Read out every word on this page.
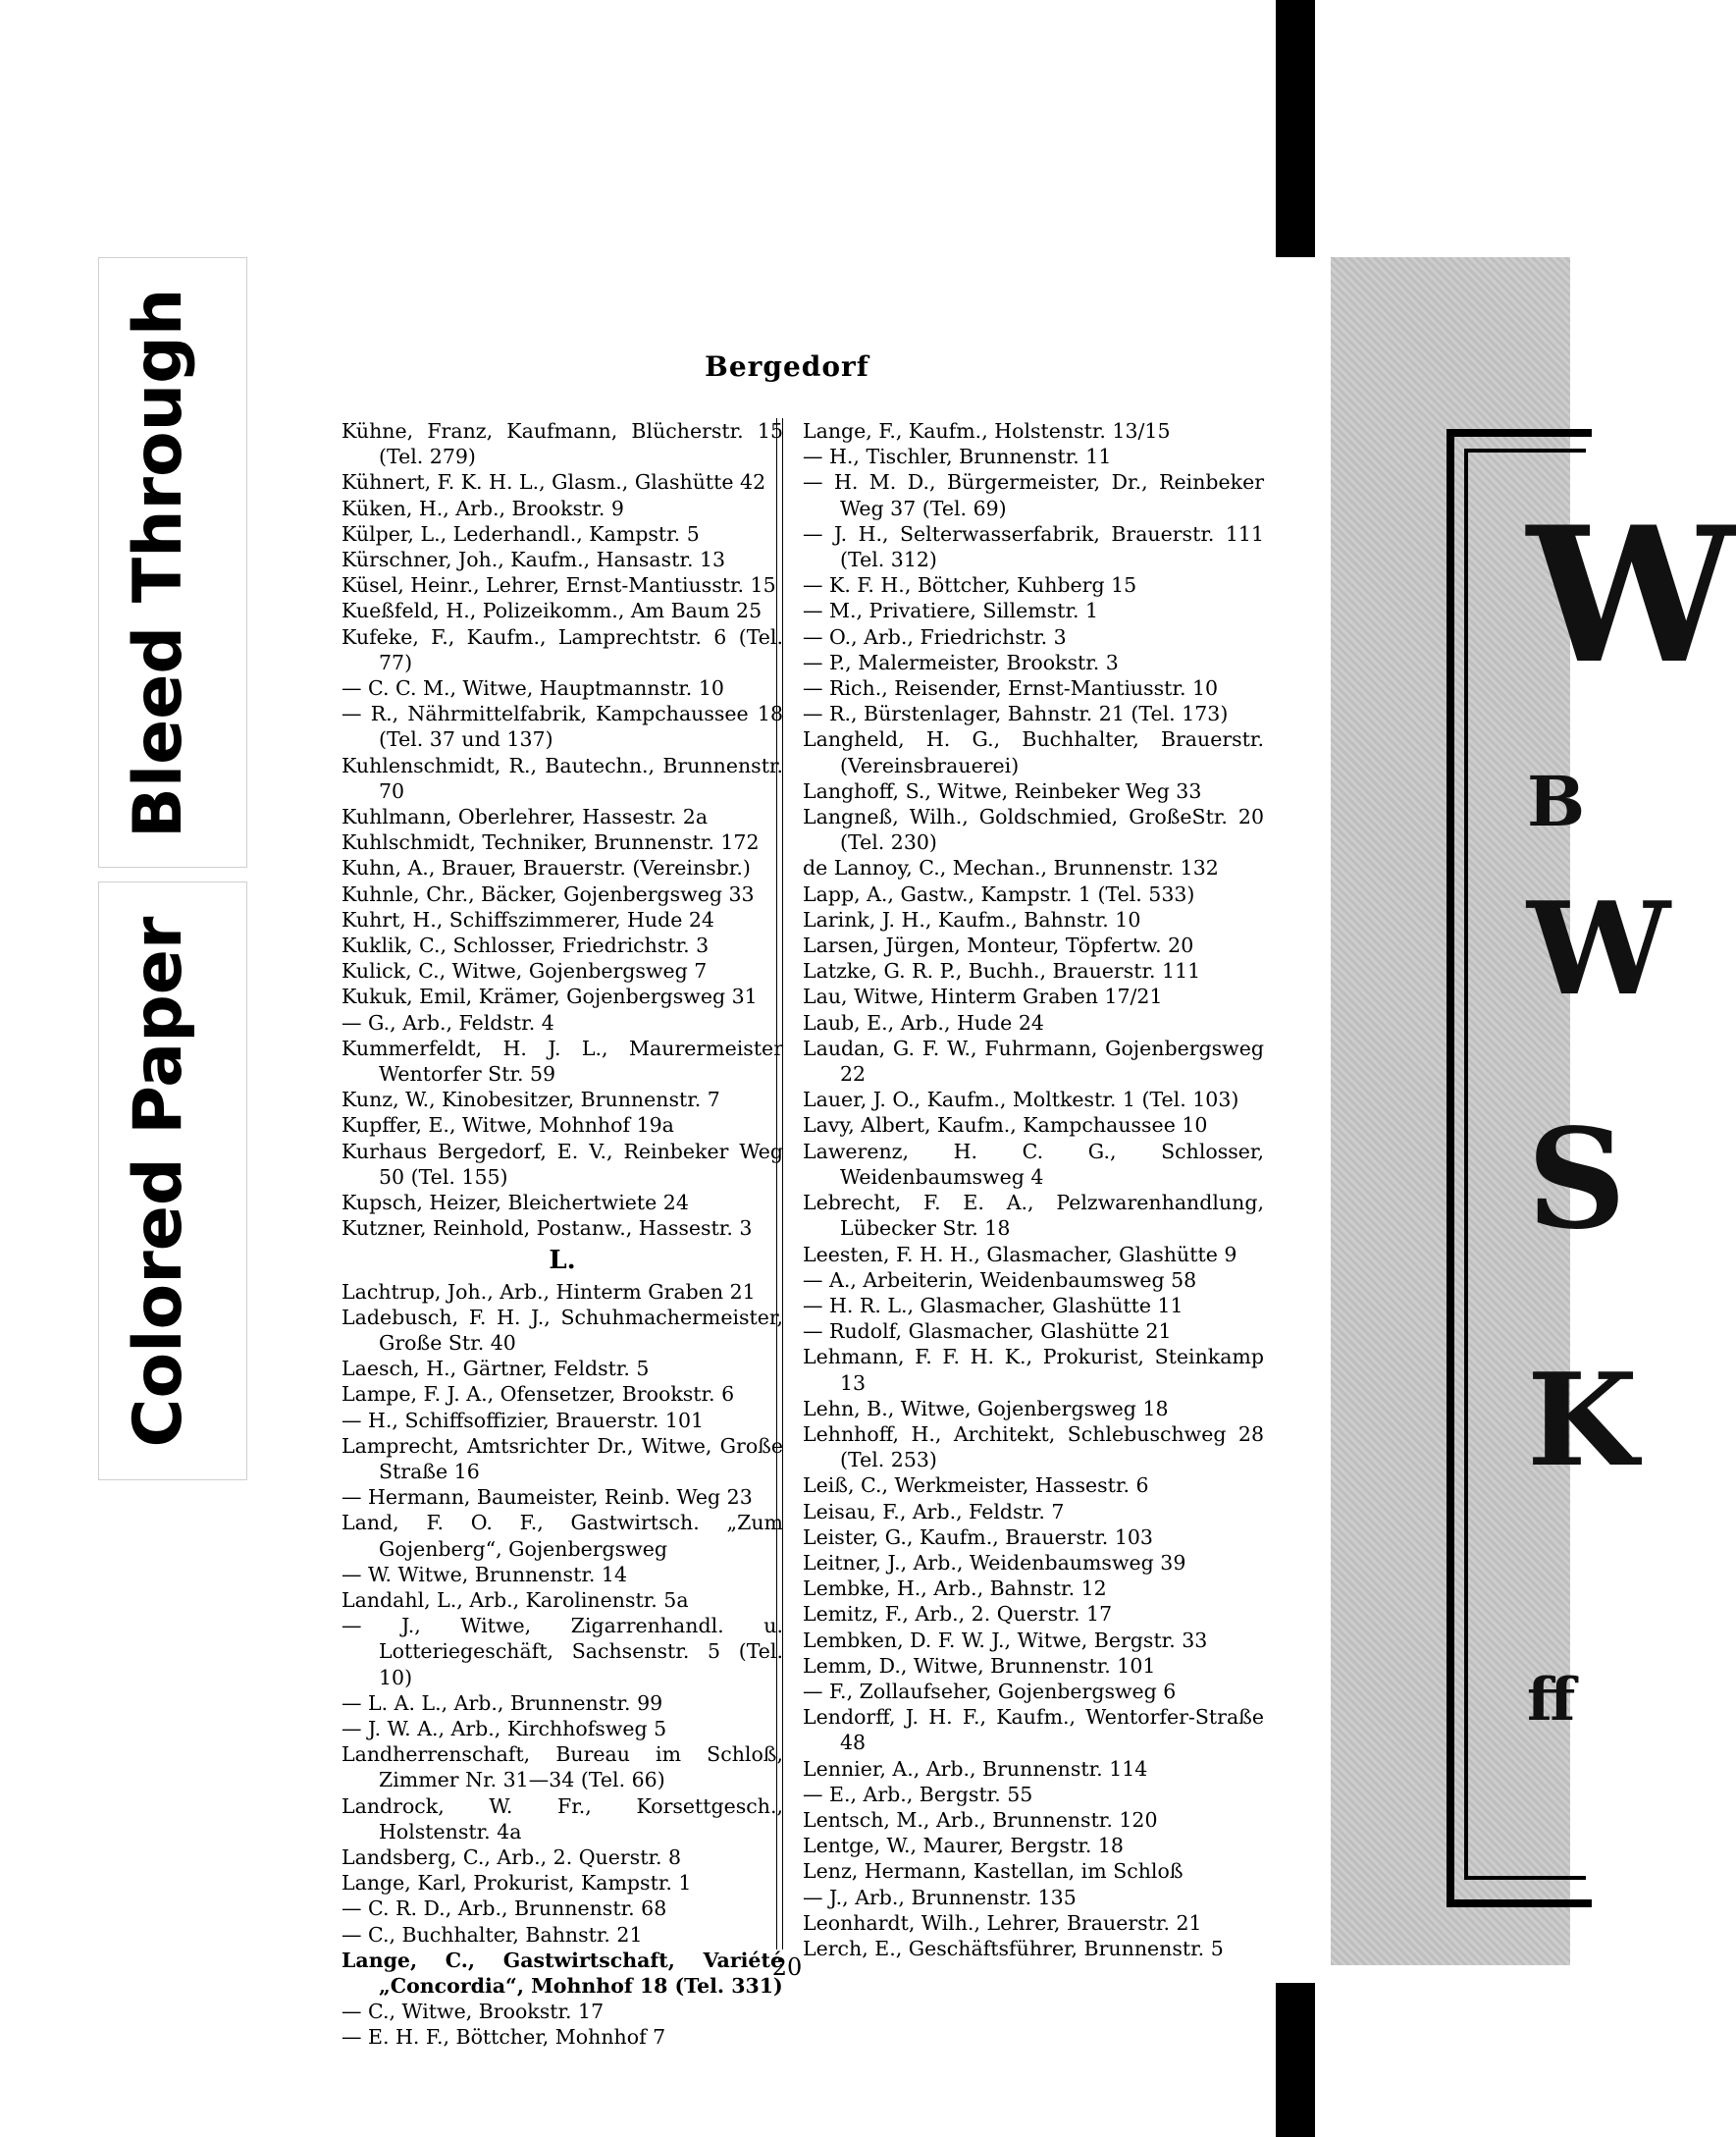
Bleed Through
Colored Paper
Bergedorf

Kühne, Franz, Kaufmann, Blücherstr. 15 (Tel. 279)

Kühnert, F. K. H. L., Glasm., Glashütte 42

Küken, H., Arb., Brookstr. 9

Külper, L., Lederhandl., Kampstr. 5

Kürschner, Joh., Kaufm., Hansastr. 13

Küsel, Heinr., Lehrer, Ernst-Mantiusstr. 15

Kueßfeld, H., Polizeikomm., Am Baum 25

Kufeke, F., Kaufm., Lamprechtstr. 6 (Tel. 77)

— C. C. M., Witwe, Hauptmannstr. 10

— R., Nährmittelfabrik, Kampchaussee 18 (Tel. 37 und 137)

Kuhlenschmidt, R., Bautechn., Brunnenstr. 70

Kuhlmann, Oberlehrer, Hassestr. 2a

Kuhlschmidt, Techniker, Brunnenstr. 172

Kuhn, A., Brauer, Brauerstr. (Vereinsbr.)

Kuhnle, Chr., Bäcker, Gojenbergsweg 33

Kuhrt, H., Schiffszimmerer, Hude 24

Kuklik, C., Schlosser, Friedrichstr. 3

Kulick, C., Witwe, Gojenbergsweg 7

Kukuk, Emil, Krämer, Gojenbergsweg 31

— G., Arb., Feldstr. 4

Kummerfeldt, H. J. L., Maurermeister Wentorfer Str. 59

Kunz, W., Kinobesitzer, Brunnenstr. 7

Kupffer, E., Witwe, Mohnhof 19a

Kurhaus Bergedorf, E. V., Reinbeker Weg 50 (Tel. 155)

Kupsch, Heizer, Bleichertwiete 24

Kutzner, Reinhold, Postanw., Hassestr. 3

L.

Lachtrup, Joh., Arb., Hinterm Graben 21

Ladebusch, F. H. J., Schuhmachermeister, Große Str. 40

Laesch, H., Gärtner, Feldstr. 5

Lampe, F. J. A., Ofensetzer, Brookstr. 6

— H., Schiffsoffizier, Brauerstr. 101

Lamprecht, Amtsrichter Dr., Witwe, Große Straße 16

— Hermann, Baumeister, Reinb. Weg 23

Land, F. O. F., Gastwirtsch. „Zum Gojenberg“, Gojenbergsweg

— W. Witwe, Brunnenstr. 14

Landahl, L., Arb., Karolinenstr. 5a

— J., Witwe, Zigarrenhandl. u. Lotteriegeschäft, Sachsenstr. 5 (Tel. 10)

— L. A. L., Arb., Brunnenstr. 99

— J. W. A., Arb., Kirchhofsweg 5

Landherrenschaft, Bureau im Schloß, Zimmer Nr. 31—34 (Tel. 66)

Landrock, W. Fr., Korsettgesch., Holstenstr. 4a

Landsberg, C., Arb., 2. Querstr. 8

Lange, Karl, Prokurist, Kampstr. 1

— C. R. D., Arb., Brunnenstr. 68

— C., Buchhalter, Bahnstr. 21

Lange, C., Gastwirtschaft, Variété „Concordia“, Mohnhof 18 (Tel. 331)

— C., Witwe, Brookstr. 17

— E. H. F., Böttcher, Mohnhof 7

Lange, F., Kaufm., Holstenstr. 13/15

— H., Tischler, Brunnenstr. 11

— H. M. D., Bürgermeister, Dr., Reinbeker Weg 37 (Tel. 69)

— J. H., Selterwasserfabrik, Brauerstr. 111 (Tel. 312)

— K. F. H., Böttcher, Kuhberg 15

— M., Privatiere, Sillemstr. 1

— O., Arb., Friedrichstr. 3

— P., Malermeister, Brookstr. 3

— Rich., Reisender, Ernst-Mantiusstr. 10

— R., Bürstenlager, Bahnstr. 21 (Tel. 173)

Langheld, H. G., Buchhalter, Brauerstr. (Vereinsbrauerei)

Langhoff, S., Witwe, Reinbeker Weg 33

Langneß, Wilh., Goldschmied, GroßeStr. 20 (Tel. 230)

de Lannoy, C., Mechan., Brunnenstr. 132

Lapp, A., Gastw., Kampstr. 1 (Tel. 533)

Larink, J. H., Kaufm., Bahnstr. 10

Larsen, Jürgen, Monteur, Töpfertw. 20

Latzke, G. R. P., Buchh., Brauerstr. 111

Lau, Witwe, Hinterm Graben 17/21

Laub, E., Arb., Hude 24

Laudan, G. F. W., Fuhrmann, Gojenbergsweg 22

Lauer, J. O., Kaufm., Moltkestr. 1 (Tel. 103)

Lavy, Albert, Kaufm., Kampchaussee 10

Lawerenz, H. C. G., Schlosser, Weidenbaumsweg 4

Lebrecht, F. E. A., Pelzwarenhandlung, Lübecker Str. 18

Leesten, F. H. H., Glasmacher, Glashütte 9

— A., Arbeiterin, Weidenbaumsweg 58

— H. R. L., Glasmacher, Glashütte 11

— Rudolf, Glasmacher, Glashütte 21

Lehmann, F. F. H. K., Prokurist, Steinkamp 13

Lehn, B., Witwe, Gojenbergsweg 18

Lehnhoff, H., Architekt, Schlebuschweg 28 (Tel. 253)

Leiß, C., Werkmeister, Hassestr. 6

Leisau, F., Arb., Feldstr. 7

Leister, G., Kaufm., Brauerstr. 103

Leitner, J., Arb., Weidenbaumsweg 39

Lembke, H., Arb., Bahnstr. 12

Lemitz, F., Arb., 2. Querstr. 17

Lembken, D. F. W. J., Witwe, Bergstr. 33

Lemm, D., Witwe, Brunnenstr. 101

— F., Zollaufseher, Gojenbergsweg 6

Lendorff, J. H. F., Kaufm., Wentorfer-Straße 48

Lennier, A., Arb., Brunnenstr. 114

— E., Arb., Bergstr. 55

Lentsch, M., Arb., Brunnenstr. 120

Lentge, W., Maurer, Bergstr. 18

Lenz, Hermann, Kastellan, im Schloß

— J., Arb., Brunnenstr. 135

Leonhardt, Wilh., Lehrer, Brauerstr. 21

Lerch, E., Geschäftsführer, Brunnenstr. 5

20
W
B
W
S
K
ff
